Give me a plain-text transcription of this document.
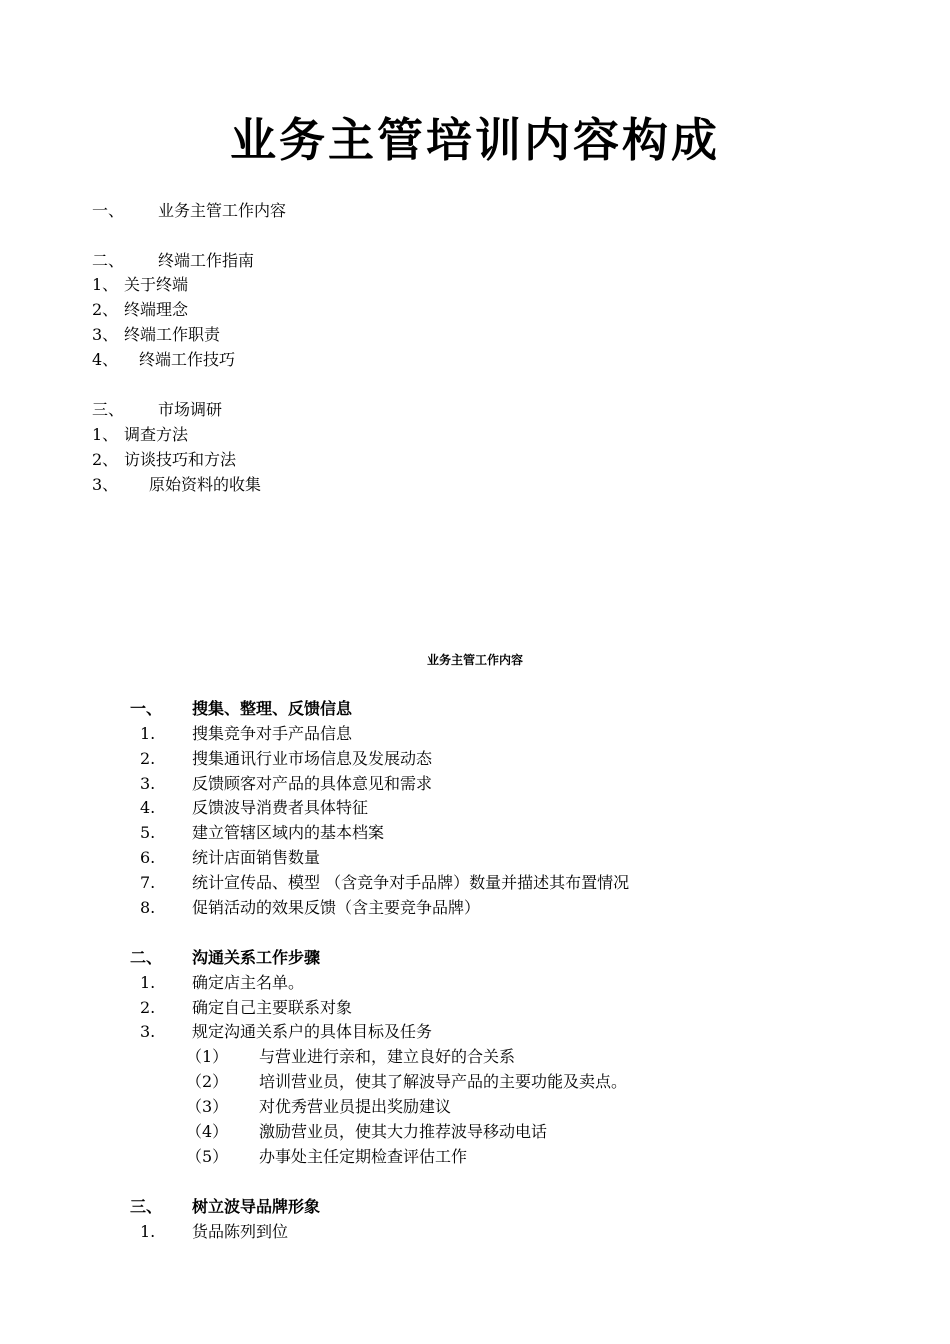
业务主管培训内容构成
一、 业务主管工作内容
二、 终端工作指南
1、 关于终端
2、 终端理念
3、 终端工作职责
4、 终端工作技巧
三、 市场调研
1、 调查方法
2、 访谈技巧和方法
3、 原始资料的收集
业务主管工作内容
一、 搜集、整理、反馈信息
1. 搜集竞争对手产品信息
2. 搜集通讯行业市场信息及发展动态
3. 反馈顾客对产品的具体意见和需求
4. 反馈波导消费者具体特征
5. 建立管辖区域内的基本档案
6. 统计店面销售数量
7. 统计宣传品、模型 （含竞争对手品牌）数量并描述其布置情况
8. 促销活动的效果反馈（含主要竞争品牌）
二、 沟通关系工作步骤
1. 确定店主名单。
2. 确定自己主要联系对象
3. 规定沟通关系户的具体目标及任务
（1） 与营业进行亲和，建立良好的合关系
（2） 培训营业员，使其了解波导产品的主要功能及卖点。
（3） 对优秀营业员提出奖励建议
（4） 激励营业员，使其大力推荐波导移动电话
（5） 办事处主任定期检查评估工作
三、 树立波导品牌形象
1. 货品陈列到位
